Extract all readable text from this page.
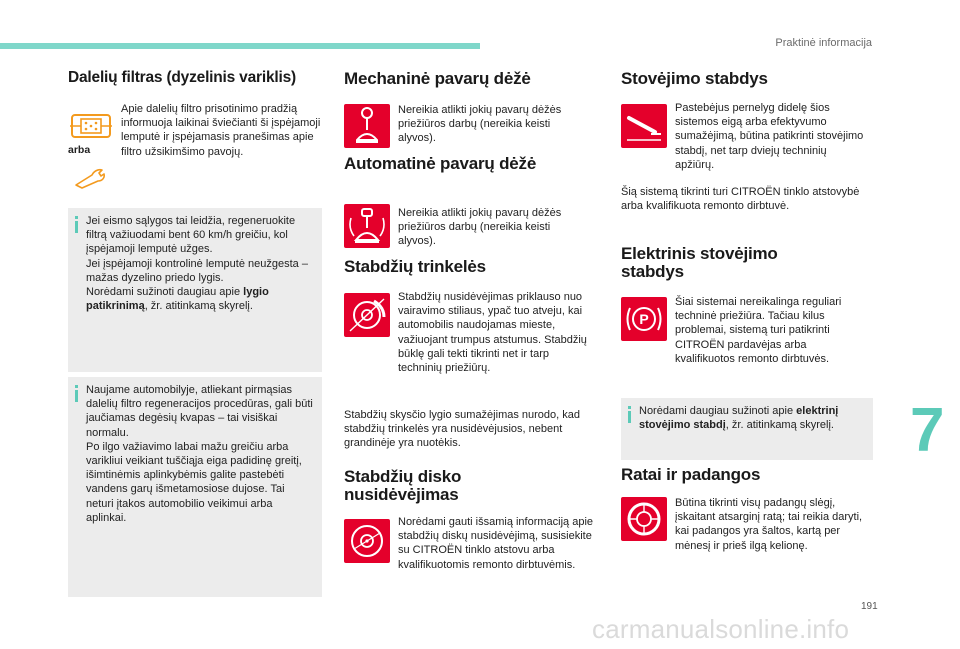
Praktinė informacija
Dalelių filtras (dyzelinis variklis)
arba

Apie dalelių filtro prisotinimo pradžią informuoja laikinai šviečianti ši įspėjamoji lemputė ir įspėjamasis pranešimas apie filtro užsikimšimo pavojų.

Jei eismo sąlygos tai leidžia, regeneruokite filtrą važiuodami bent 60 km/h greičiu, kol įspėjamoji lemputė užges.
Jei įspėjamoji kontrolinė lemputė neužgesta – mažas dyzelino priedo lygis.
Norėdami sužinoti daugiau apie lygio patikrinimą, žr. atitinkamą skyrelį.

Naujame automobilyje, atliekant pirmąsias dalelių filtro regeneracijos procedūras, gali būti jaučiamas degėsių kvapas – tai visiškai normalu.
Po ilgo važiavimo labai mažu greičiu arba varikliui veikiant tuščiąja eiga padidinę greitį, išimtinėmis aplinkybėmis galite pastebėti vandens garų išmetamosiose dujose. Tai neturi įtakos automobilio veikimui arba aplinkai.

Mechaninė pavarų dėžė

Nereikia atlikti jokių pavarų dėžės priežiūros darbų (nereikia keisti alyvos).

Automatinė pavarų dėžė

Nereikia atlikti jokių pavarų dėžės priežiūros darbų (nereikia keisti alyvos).

Stabdžių trinkelės

Stabdžių nusidėvėjimas priklauso nuo vairavimo stiliaus, ypač tuo atveju, kai automobilis naudojamas mieste, važiuojant trumpus atstumus. Stabdžių būklę gali tekti tikrinti net ir tarp techninių priežiūrų.

Stabdžių skysčio lygio sumažėjimas nurodo, kad stabdžių trinkelės yra nusidėvėjusios, nebent grandinėje yra nuotėkis.

Stabdžių disko nusidėvėjimas

Norėdami gauti išsamią informaciją apie stabdžių diskų nusidėvėjimą, susisiekite su CITROËN tinklo atstovu arba kvalifikuotomis remonto dirbtuvėmis.

Stovėjimo stabdys

Pastebėjus pernelyg didelę šios sistemos eigą arba efektyvumo sumažėjimą, būtina patikrinti stovėjimo stabdį, net tarp dviejų techninių apžiūrų.

Šią sistemą tikrinti turi CITROËN tinklo atstovybė arba kvalifikuota remonto dirbtuvė.

Elektrinis stovėjimo stabdys
P

Šiai sistemai nereikalinga reguliari techninė priežiūra. Tačiau kilus problemai, sistemą turi patikrinti CITROËN pardavėjas arba kvalifikuotos remonto dirbtuvės.

Norėdami daugiau sužinoti apie elektrinį stovėjimo stabdį, žr. atitinkamą skyrelį.

Ratai ir padangos

Būtina tikrinti visų padangų slėgį, įskaitant atsarginį ratą; tai reikia daryti, kai padangos yra šaltos, kartą per mėnesį ir prieš ilgą kelionę.

7
191
carmanualsonline.info
